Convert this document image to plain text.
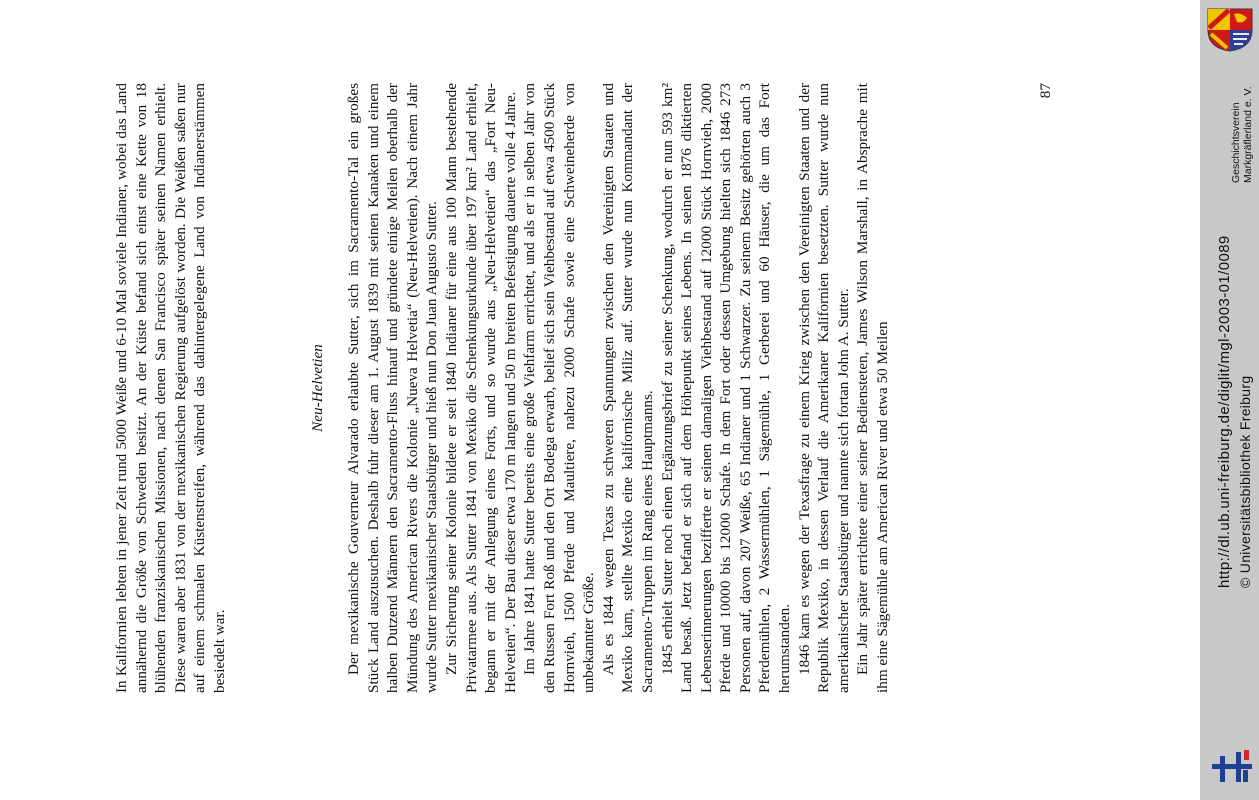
In Kalifornien lebten in jener Zeit rund 5000 Weiße und 6-10 Mal soviele Indianer, wobei das Land annähernd die Größe von Schweden besitzt. An der Küste befand sich einst eine Kette von 18 blühenden franziskanischen Missionen, nach denen San Francisco später seinen Namen erhielt. Diese waren aber 1831 von der mexikanischen Regierung aufgelöst worden. Die Weißen saßen nur auf einem schmalen Küstenstreifen, während das dahintergelegene Land von Indianerstämmen besiedelt war.

Neu-Helvetien Der mexikanische Gouverneur Alvarado erlaubte Sutter, sich im Sacramento-Tal ein großes Stück Land auszusuchen. Deshalb fuhr dieser am 1. August 1839 mit seinen Kanaken und einem halben Dutzend Männern den Sacramento-Fluss hinauf und gründete einige Meilen oberhalb der Mündung des American Rivers die Kolonie „Nueva Helvetia“ (Neu-Helvetien). Nach einem Jahr wurde Sutter mexikanischer Staatsbürger und hieß nun Don Juan Augusto Sutter. Zur Sicherung seiner Kolonie bildete er seit 1840 Indianer für eine aus 100 Mann bestehende Privatarmee aus. Als Sutter 1841 von Mexiko die Schenkungsurkunde über 197 km² Land erhielt, begann er mit der Anlegung eines Forts, und so wurde aus „Neu-Helvetien“ das „Fort Neu-Helvetien“. Der Bau dieser etwa 170 m langen und 50 m breiten Befestigung dauerte volle 4 Jahre. Im Jahre 1841 hatte Sutter bereits eine große Viehfarm errichtet, und als er in selben Jahr von den Russen Fort Roß und den Ort Bodega erwarb, belief sich sein Viehbestand auf etwa 4500 Stück Hornvieh, 1500 Pferde und Maultiere, nahezu 2000 Schafe sowie eine Schweineherde von unbekannter Größe. Als es 1844 wegen Texas zu schweren Spannungen zwischen den Vereinigten Staaten und Mexiko kam, stellte Mexiko eine kalifornische Miliz auf. Sutter wurde nun Kommandant der Sacramento-Truppen im Rang eines Hauptmanns. 1845 erhielt Sutter noch einen Ergänzungsbrief zu seiner Schenkung, wodurch er nun 593 km² Land besaß. Jetzt befand er sich auf dem Höhepunkt seines Lebens. In seinen 1876 diktierten Lebenserinnerungen bezifferte er seinen damaligen Viehbestand auf 12000 Stück Hornvieh, 2000 Pferde und 10000 bis 12000 Schafe. In dem Fort oder dessen Umgebung hielten sich 1846 273 Personen auf, davon 207 Weiße, 65 Indianer und 1 Schwarzer. Zu seinem Besitz gehörten auch 3 Pferdemühlen, 2 Wassermühlen, 1 Sägemühle, 1 Gerberei und 60 Häuser, die um das Fort herumstanden. 1846 kam es wegen der Texasfrage zu einem Krieg zwischen den Vereinigten Staaten und der Republik Mexiko, in dessen Verlauf die Amerikaner Kalifornien besetzten. Sutter wurde nun amerikanischer Staatsbürger und nannte sich fortan John A. Sutter. Ein Jahr später errichtete einer seiner Bediensteten, James Wilson Marshall, in Absprache mit ihm eine Sägemühle am American River und etwa 50 Meilen

87
Geschichtsverein Markgräflerland e. V.
http://dl.ub.uni-freiburg.de/diglit/mgl-2003-01/0089 © Universitätsbibliothek Freiburg
